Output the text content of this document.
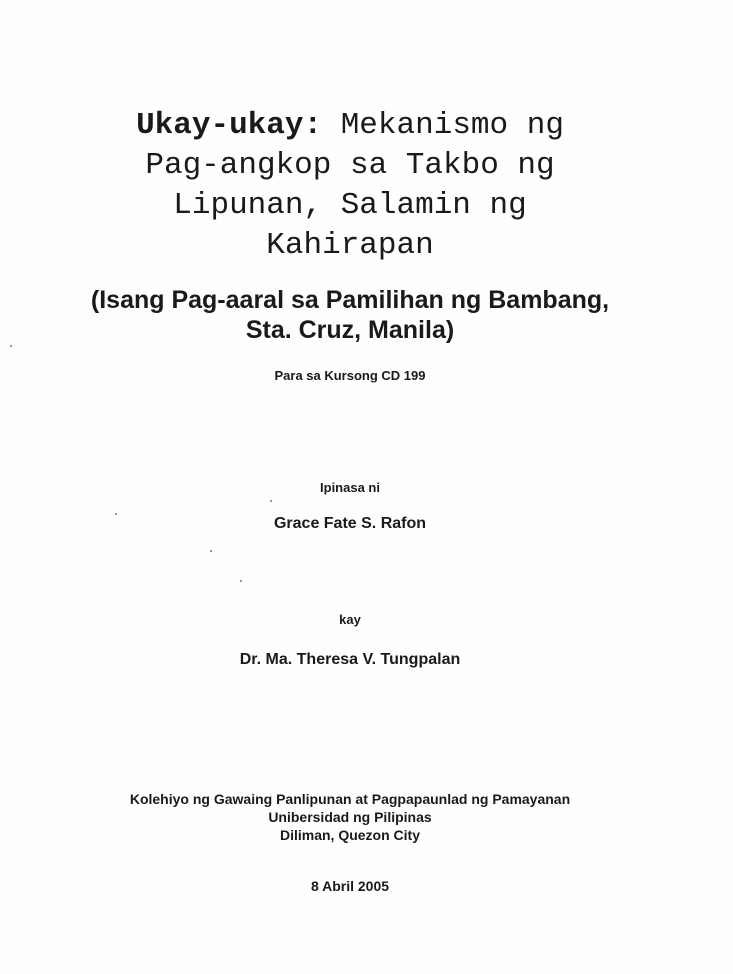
Ukay-ukay: Mekanismo ng
Pag-angkop sa Takbo ng
Lipunan, Salamin ng
Kahirapan
(Isang Pag-aaral sa Pamilihan ng Bambang,
Sta. Cruz, Manila)
Para sa Kursong CD 199
Ipinasa ni
Grace Fate S. Rafon
kay
Dr. Ma. Theresa V. Tungpalan
Kolehiyo ng Gawaing Panlipunan at Pagpapaunlad ng Pamayanan
Unibersidad ng Pilipinas
Diliman, Quezon City
8 Abril 2005
